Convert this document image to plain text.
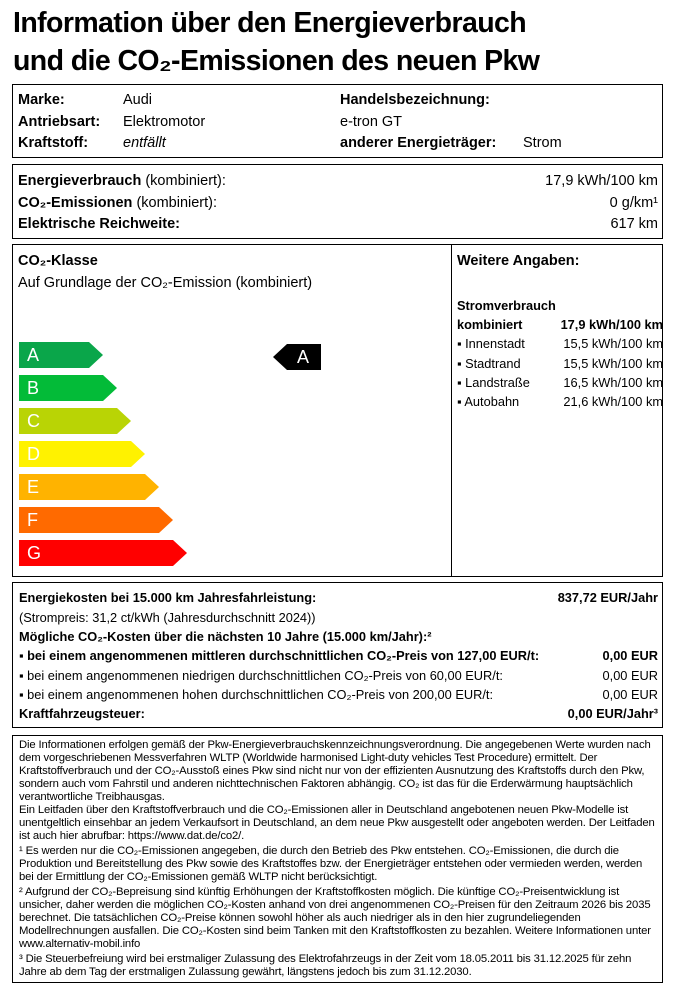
Information über den Energieverbrauch
und die CO₂-Emissionen des neuen Pkw
Marke:	Audi
Antriebsart: Elektromotor
Kraftstoff: entfällt
Handelsbezeichnung:
e-tron GT
anderer Energieträger: Strom
Energieverbrauch (kombiniert):	17,9 kWh/100 km
CO₂-Emissionen (kombiniert):	0 g/km¹
Elektrische Reichweite:	617 km
CO₂-Klasse
Auf Grundlage der CO₂-Emission (kombiniert)
A
B
C
D
E
F
G
A
Weitere Angaben:
Stromverbrauch
kombiniert	17,9 kWh/100 km
▪ Innenstadt	15,5 kWh/100 km
▪ Stadtrand	15,5 kWh/100 km
▪ Landstraße	16,5 kWh/100 km
▪ Autobahn	21,6 kWh/100 km
Energiekosten bei 15.000 km Jahresfahrleistung:	837,72 EUR/Jahr
(Strompreis: 31,2 ct/kWh (Jahresdurchschnitt 2024))
Mögliche CO₂-Kosten über die nächsten 10 Jahre (15.000 km/Jahr):²
▪ bei einem angenommenen mittleren durchschnittlichen CO₂-Preis von 127,00 EUR/t:	0,00 EUR
▪ bei einem angenommenen niedrigen durchschnittlichen CO₂-Preis von 60,00 EUR/t:	0,00 EUR
▪ bei einem angenommenen hohen durchschnittlichen CO₂-Preis von 200,00 EUR/t:	0,00 EUR
Kraftfahrzeugsteuer:	0,00 EUR/Jahr³

Die Informationen erfolgen gemäß der Pkw-Energieverbrauchskennzeichnungsverordnung. Die angegebenen Werte wurden nach dem vorgeschriebenen Messverfahren WLTP (Worldwide harmonised Light-duty vehicles Test Procedure) ermittelt. Der Kraftstoffverbrauch und der CO₂-Ausstoß eines Pkw sind nicht nur von der effizienten Ausnutzung des Kraftstoffs durch den Pkw, sondern auch vom Fahrstil und anderen nichttechnischen Faktoren abhängig. CO₂ ist das für die Erderwärmung hauptsächlich verantwortliche Treibhausgas.

Ein Leitfaden über den Kraftstoffverbrauch und die CO₂-Emissionen aller in Deutschland angebotenen neuen Pkw-Modelle ist unentgeltlich einsehbar an jedem Verkaufsort in Deutschland, an dem neue Pkw ausgestellt oder angeboten werden. Der Leitfaden ist auch hier abrufbar: https://www.dat.de/co2/.

¹ Es werden nur die CO₂-Emissionen angegeben, die durch den Betrieb des Pkw entstehen. CO₂-Emissionen, die durch die Produktion und Bereitstellung des Pkw sowie des Kraftstoffes bzw. der Energieträger entstehen oder vermieden werden, werden bei der Ermittlung der CO₂-Emissionen gemäß WLTP nicht berücksichtigt.

² Aufgrund der CO₂-Bepreisung sind künftig Erhöhungen der Kraftstoffkosten möglich. Die künftige CO₂-Preisentwicklung ist unsicher, daher werden die möglichen CO₂-Kosten anhand von drei angenommenen CO₂-Preisen für den Zeitraum 2026 bis 2035 berechnet. Die tatsächlichen CO₂-Preise können sowohl höher als auch niedriger als in den hier zugrundeliegenden Modellrechnungen ausfallen. Die CO₂-Kosten sind beim Tanken mit den Kraftstoffkosten zu bezahlen. Weitere Informationen unter www.alternativ-mobil.info

³ Die Steuerbefreiung wird bei erstmaliger Zulassung des Elektrofahrzeugs in der Zeit vom 18.05.2011 bis 31.12.2025 für zehn Jahre ab dem Tag der erstmaligen Zulassung gewährt, längstens jedoch bis zum 31.12.2030.
